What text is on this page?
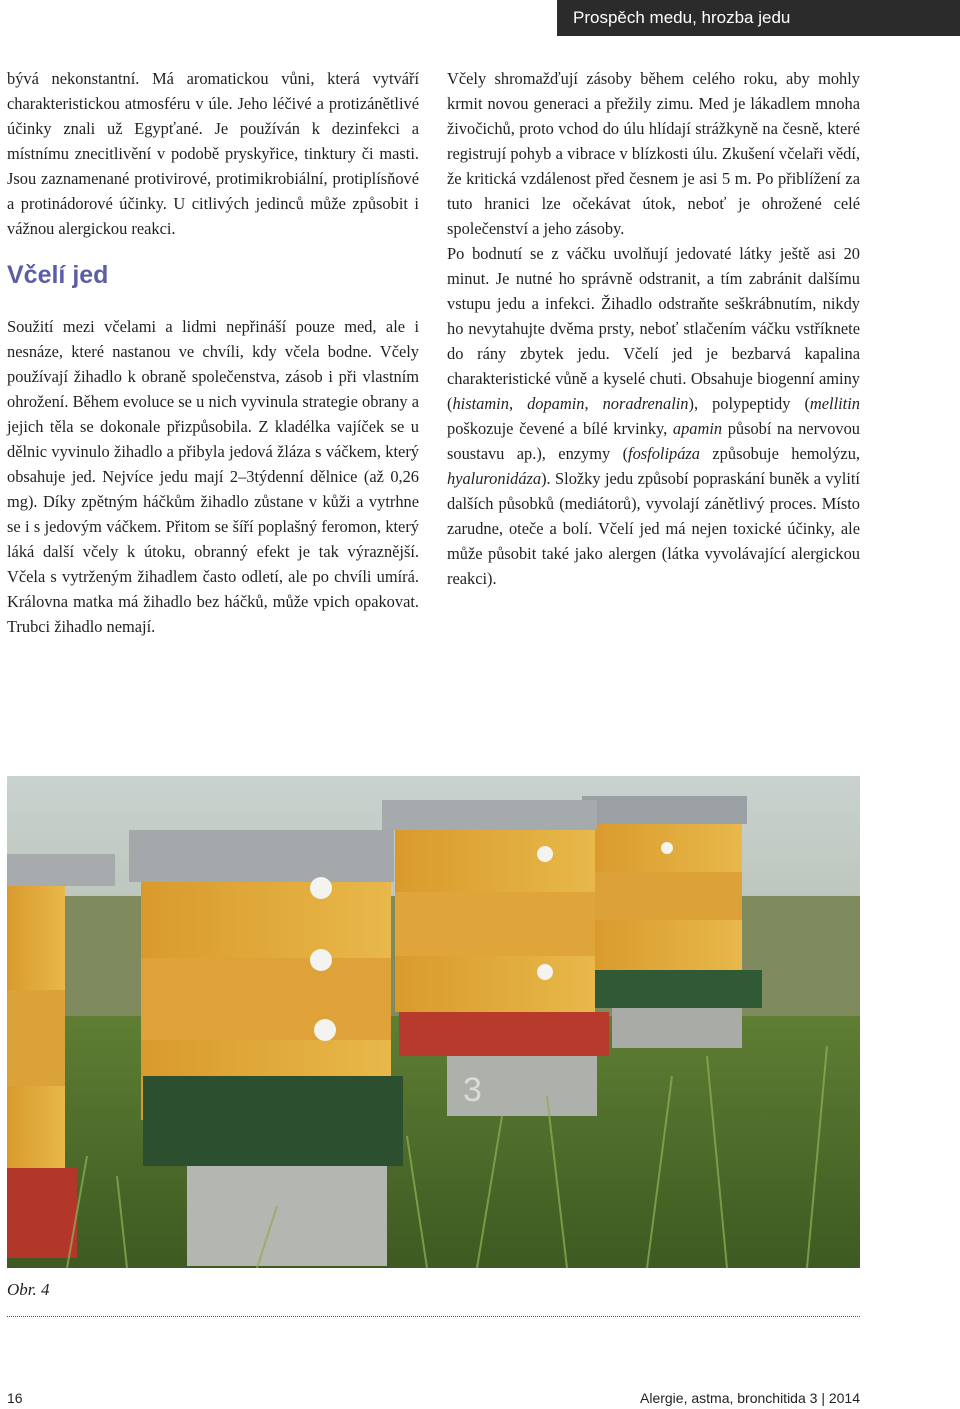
Prospěch medu, hrozba jedu

bývá nekonstantní. Má aromatickou vůni, která vytváří charakteristickou atmosféru v úle. Jeho léčivé a protizánětlivé účinky znali už Egypťané. Je používán k dezinfekci a místnímu znecitlivění v podobě pryskyřice, tinktury či masti. Jsou zaznamenané protivirové, protimikrobiální, protiplísňové a protinádorové účinky. U citlivých jedinců může způsobit i vážnou alergickou reakci.

Včelí jed

Soužití mezi včelami a lidmi nepřináší pouze med, ale i nesnáze, které nastanou ve chvíli, kdy včela bodne. Včely používají žihadlo k obraně společenstva, zásob i při vlastním ohrožení. Během evoluce se u nich vyvinula strategie obrany a jejich těla se dokonale přizpůsobila. Z kladélka vajíček se u dělnic vyvinulo žihadlo a přibyla jedová žláza s váčkem, který obsahuje jed. Nejvíce jedu mají 2–3týdenní dělnice (až 0,26 mg). Díky zpětným háčkům žihadlo zůstane v kůži a vytrhne se i s jedovým váčkem. Přitom se šíří poplašný feromon, který láká další včely k útoku, obranný efekt je tak výraznější. Včela s vytrženým žihadlem často odletí, ale po chvíli umírá. Královna matka má žihadlo bez háčků, může vpich opakovat. Trubci žihadlo nemají.

Včely shromažďují zásoby během celého roku, aby mohly krmit novou generaci a přežily zimu. Med je lákadlem mnoha živočichů, proto vchod do úlu hlídají strážkyně na česně, které registrují pohyb a vibrace v blízkosti úlu. Zkušení včelaři vědí, že kritická vzdálenost před česnem je asi 5 m. Po přiblížení za tuto hranici lze očekávat útok, neboť je ohrožené celé společenství a jeho zásoby.

Po bodnutí se z váčku uvolňují jedovaté látky ještě asi 20 minut. Je nutné ho správně odstranit, a tím zabránit dalšímu vstupu jedu a infekci. Žihadlo odstraňte seškrábnutím, nikdy ho nevytahujte dvěma prsty, neboť stlačením váčku vstříknete do rány zbytek jedu. Včelí jed je bezbarvá kapalina charakteristické vůně a kyselé chuti. Obsahuje biogenní aminy (histamin, dopamin, noradrenalin), polypeptidy (mellitin poškozuje čevené a bílé krvinky, apamin působí na nervovou soustavu ap.), enzymy (fosfolipáza způsobuje hemolýzu, hyaluronidáza). Složky jedu způsobí popraskání buněk a vylití dalších působků (mediátorů), vyvolají zánětlivý proces. Místo zarudne, oteče a bolí. Včelí jed má nejen toxické účinky, ale může působit také jako alergen (látka vyvolávající alergickou reakci).

3
Obr. 4
16	Alergie, astma, bronchitida 3 | 2014
